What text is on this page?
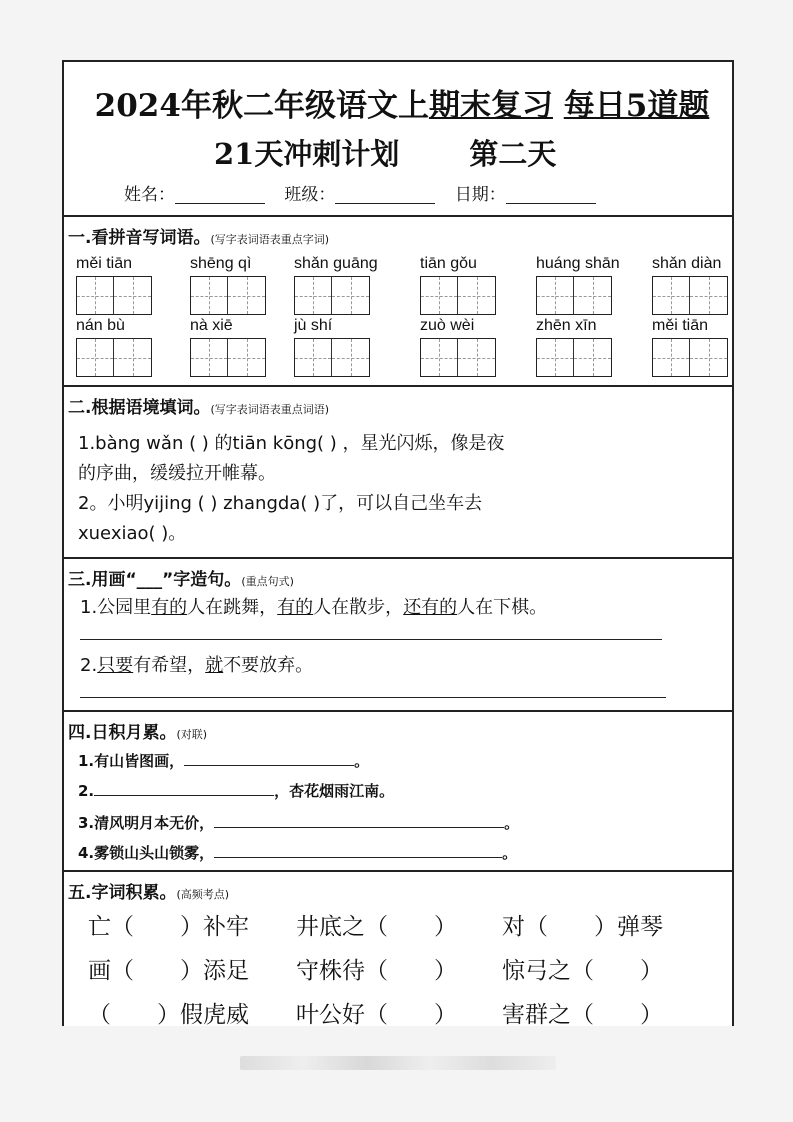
2024年秋二年级语文上期末复习 每日5道题
21天冲刺计划 第二天
姓名：	班级：	日期：
一.看拼音写词语。(写字表词语表重点字词)
měi tiān	shēng qì	shǎn guāng	tiān gǒu	huáng shān	shǎn diàn
nán bù	nà xiē	jù shí	zuò wèi	zhēn xīn	měi tiān
二.根据语境填词。(写字表词语表重点词语)
1.bàng wǎn ( ) 的tiān kōng( ) ，星光闪烁，像是夜
的序曲，缓缓拉开帷幕。
2。小明yijing ( ) zhangda( )了，可以自己坐车去
xuexiao( )。
三.用画“___”字造句。(重点句式)
1.公园里有的人在跳舞，有的人在散步，还有的人在下棋。
2.只要有希望，就不要放弃。
四.日积月累。(对联)
1.有山皆图画，	。
2.	，杏花烟雨江南。
3.清风明月本无价，	。
4.雾锁山头山锁雾，	。
五.字词积累。(高频考点)
亡（　　）补牢 井底之（　　） 对（　　）弹琴
画（　　）添足 守株待（　　） 惊弓之（　　）
（　　）假虎威 叶公好（　　） 害群之（　　）
